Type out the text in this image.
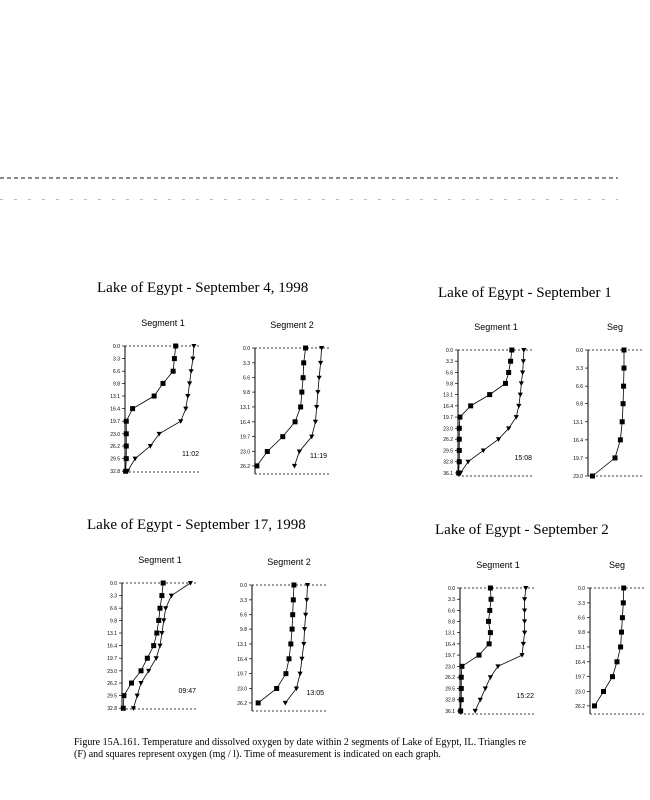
Lake of Egypt - September 4, 1998	Lake of Egypt - September 1
Lake of Egypt - September 17, 1998	Lake of Egypt - September 2
Segment 1
0.0
3.3
6.6
9.8
13.1
16.4
19.7
23.0
26.2
29.5
32.8
11:02
Segment 2
0.0
3.3
6.6
9.8
13.1
16.4
19.7
23.0
26.2
11:19
Segment 1
0.0
3.3
6.6
9.8
13.1
16.4
19.7
23.0
26.2
29.5
32.8
36.1
15:08
Seg
0.0
3.3
6.6
9.8
13.1
16.4
19.7
23.0
Segment 1
0.0
3.3
6.6
9.8
13.1
16.4
19.7
23.0
26.2
29.5
32.8
09:47
Segment 2
0.0
3.3
6.6
9.8
13.1
16.4
19.7
23.0
26.2
13:05
Segment 1
0.0
3.3
6.6
9.8
13.1
16.4
19.7
23.0
26.2
29.5
32.8
36.1
15:22
Seg
0.0
3.3
6.6
9.8
13.1
16.4
19.7
23.0
26.2
Figure 15A.161. Temperature and dissolved oxygen by date within 2 segments of Lake of Egypt, IL. Triangles re
(F) and squares represent oxygen (mg / l). Time of measurement is indicated on each graph.
